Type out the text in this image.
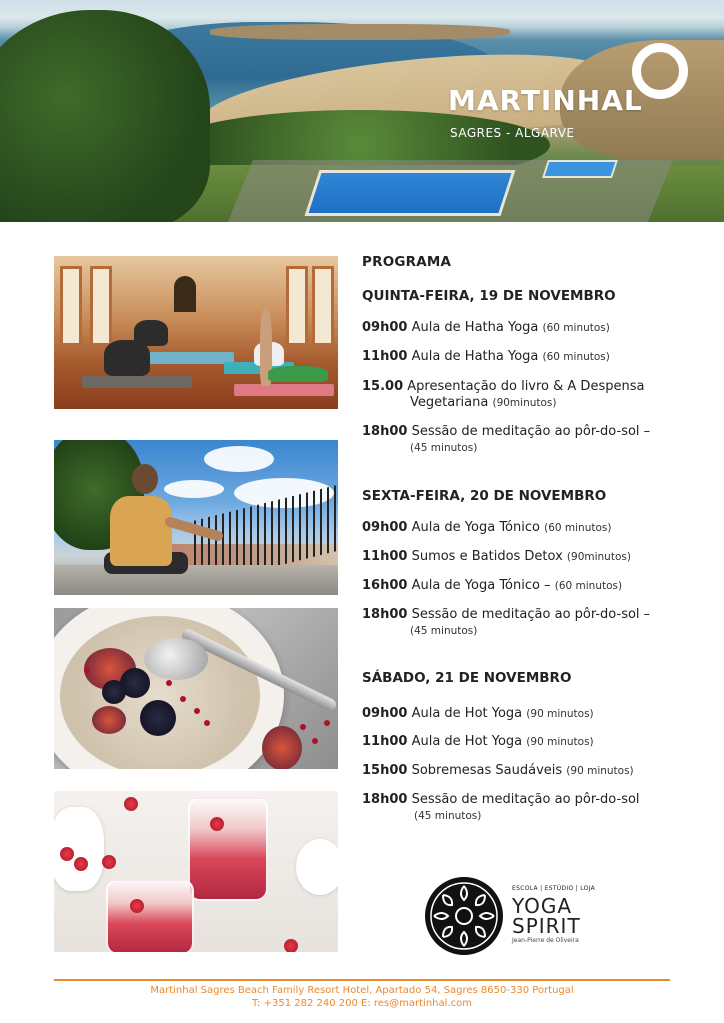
MARTINHAL
SAGRES - ALGARVE
PROGRAMA
QUINTA-FEIRA, 19 DE NOVEMBRO
09h00 Aula de Hatha Yoga (60 minutos)
11h00 Aula de Hatha Yoga (60 minutos)
15.00 Apresentação do livro & A Despensa
Vegetariana (90minutos)
18h00 Sessão de meditação ao pôr-do-sol –
(45 minutos)
SEXTA-FEIRA, 20 DE NOVEMBRO
09h00 Aula de Yoga Tónico (60 minutos)
11h00 Sumos e Batidos Detox (90minutos)
16h00 Aula de Yoga Tónico – (60 minutos)
18h00 Sessão de meditação ao pôr-do-sol –
(45 minutos)
SÁBADO, 21 DE NOVEMBRO
09h00 Aula de Hot Yoga (90 minutos)
11h00 Aula de Hot Yoga (90 minutos)
15h00 Sobremesas Saudáveis (90 minutos)
18h00 Sessão de meditação ao pôr-do-sol
(45 minutos)
ESCOLA | ESTÚDIO | LOJA
YOGA
SPIRIT
Jean-Pierre de Oliveira
Martinhal Sagres Beach Family Resort Hotel, Apartado 54, Sagres 8650-330 Portugal
T: +351 282 240 200 E: res@martinhal.com
